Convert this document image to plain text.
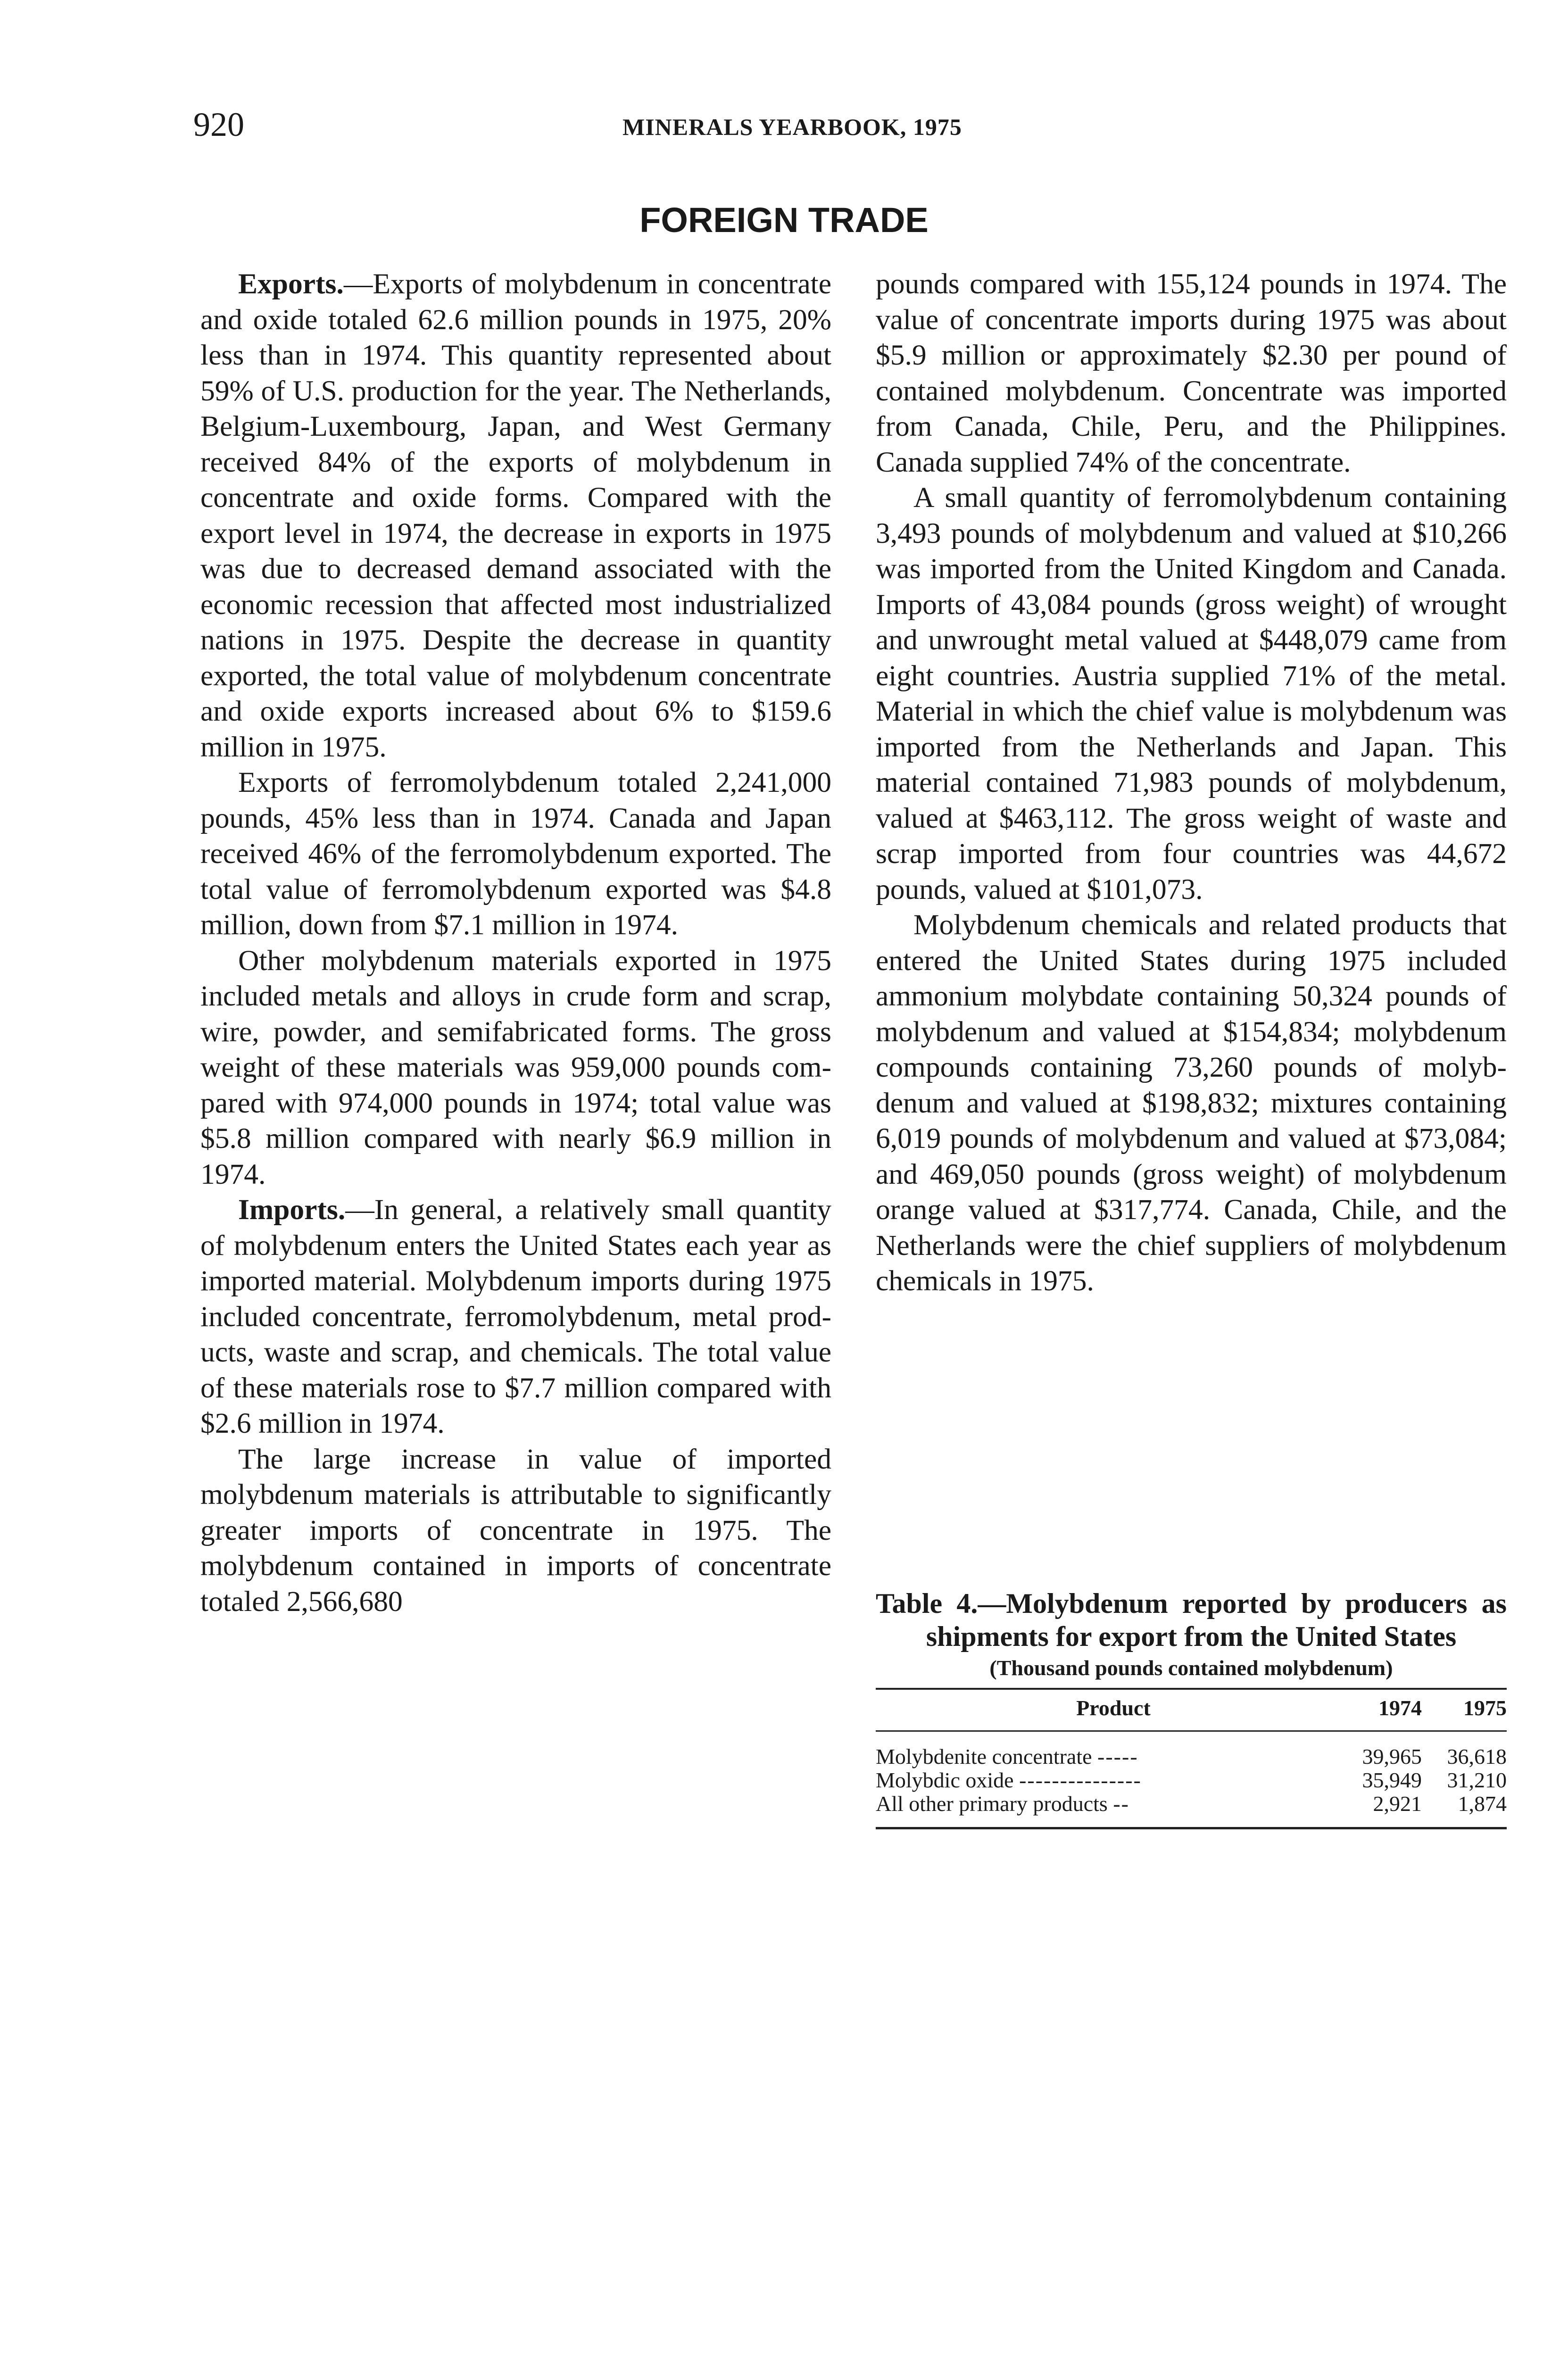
920	MINERALS YEARBOOK, 1975
FOREIGN TRADE

Exports.—Exports of molybdenum in concentrate and oxide totaled 62.6 million pounds in 1975, 20% less than in 1974. This quantity represented about 59% of U.S. production for the year. The Netherlands, Belgium-Luxembourg, Japan, and West Germany received 84% of the exports of molybdenum in concentrate and oxide forms. Compared with the export level in 1974, the decrease in exports in 1975 was due to decreased demand associated with the economic recession that affected most industrialized nations in 1975. Despite the decrease in quantity exported, the total value of molybdenum concentrate and oxide exports increased about 6% to $159.6 million in 1975.

Exports of ferromolybdenum totaled 2,241,000 pounds, 45% less than in 1974. Canada and Japan received 46% of the ferromolybdenum exported. The total value of ferromolybdenum exported was $4.8 million, down from $7.1 million in 1974.

Other molybdenum materials exported in 1975 included metals and alloys in crude form and scrap, wire, powder, and semifabricated forms. The gross weight of these materials was 959,000 pounds compared with 974,000 pounds in 1974; total value was $5.8 million compared with nearly $6.9 million in 1974.

Imports.—In general, a relatively small quantity of molybdenum enters the United States each year as imported material. Molybdenum imports during 1975 included concentrate, ferromolybdenum, metal products, waste and scrap, and chemicals. The total value of these materials rose to $7.7 million compared with $2.6 million in 1974.

The large increase in value of imported molybdenum materials is attributable to significantly greater imports of concentrate in 1975. The molybdenum contained in imports of concentrate totaled 2,566,680

pounds compared with 155,124 pounds in 1974. The value of concentrate imports during 1975 was about $5.9 million or approximately $2.30 per pound of contained molybdenum. Concentrate was imported from Canada, Chile, Peru, and the Philippines. Canada supplied 74% of the concentrate.

A small quantity of ferromolybdenum containing 3,493 pounds of molybdenum and valued at $10,266 was imported from the United Kingdom and Canada. Imports of 43,084 pounds (gross weight) of wrought and unwrought metal valued at $448,079 came from eight countries. Austria supplied 71% of the metal. Material in which the chief value is molybdenum was imported from the Netherlands and Japan. This material contained 71,983 pounds of molybdenum, valued at $463,112. The gross weight of waste and scrap imported from four countries was 44,672 pounds, valued at $101,073.

Molybdenum chemicals and related products that entered the United States during 1975 included ammonium molybdate containing 50,324 pounds of molybdenum and valued at $154,834; molybdenum compounds containing 73,260 pounds of molybdenum and valued at $198,832; mixtures containing 6,019 pounds of molybdenum and valued at $73,084; and 469,050 pounds (gross weight) of molybdenum orange valued at $317,774. Canada, Chile, and the Netherlands were the chief suppliers of molybdenum chemicals in 1975.

Table 4.—Molybdenum reported by producers as shipments for export from the United States
(Thousand pounds contained molybdenum)
Product	1974	1975
Molybdenite concentrate -----	39,965	36,618
Molybdic oxide ---------------	35,949	31,210
All other primary products --	2,921	1,874
